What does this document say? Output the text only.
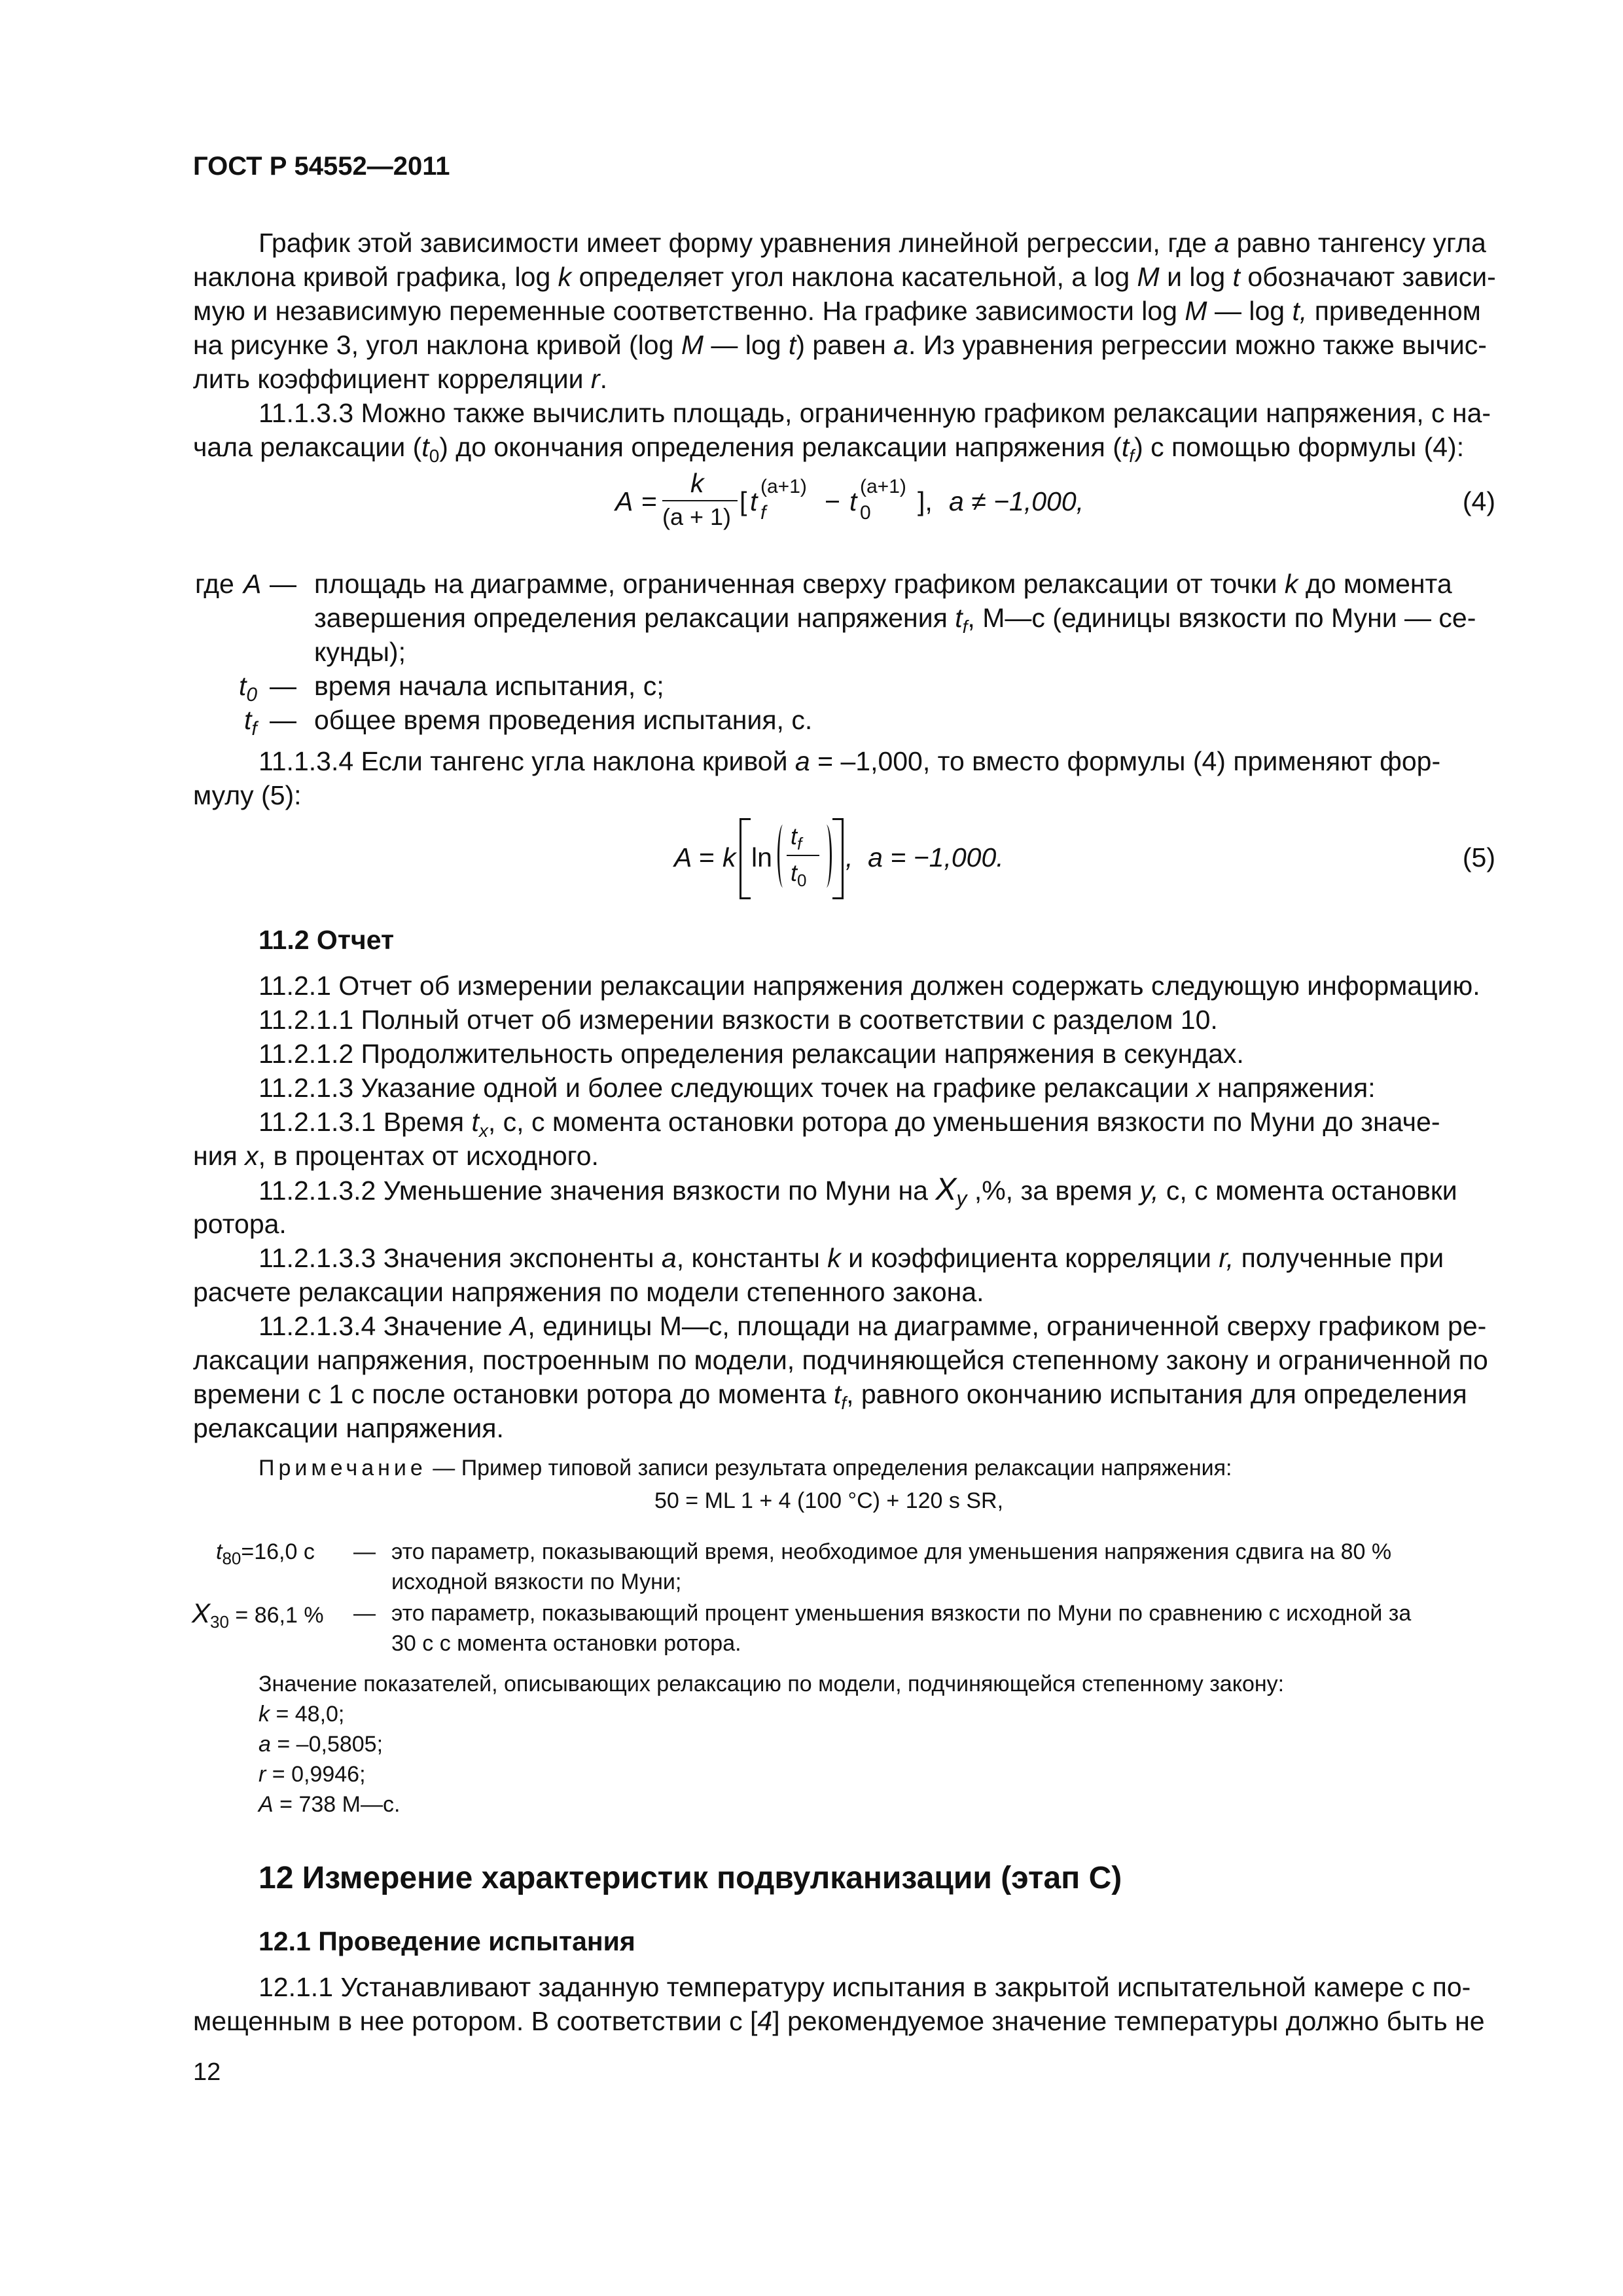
ГОСТ Р 54552—2011
График этой зависимости имеет форму уравнения линейной регрессии, где a равно тангенсу угла
наклона кривой графика, log k определяет угол наклона касательной, а log M и log t обозначают зависи-
мую и независимую переменные соответственно. На графике зависимости log M — log t, приведенном
на рисунке 3, угол наклона кривой (log M — log t) равен a. Из уравнения регрессии можно также вычис-
лить коэффициент корреляции r.
11.1.3.3 Можно также вычислить площадь, ограниченную графиком релаксации напряжения, с на-
чала релаксации $(t_0)$ до окончания определения релаксации напряжения $(t_f)$ с помощью формулы (4):
A =
k
(a + 1)
[ t (a+1)
f − t (a+1)
0 ], a ≠ −1,000,	(4)
где A — площадь на диаграмме, ограниченная сверху графиком релаксации от точки k до момента
завершения определения релаксации напряжения $t_f$, М—с (единицы вязкости по Муни — се-
кунды);
$t_0$ — время начала испытания, с;
$t_f$ — общее время проведения испытания, с.
11.1.3.4 Если тангенс угла наклона кривой a = –1,000, то вместо формулы (4) применяют фор-
мулу (5):
A = k ln
$t_f$
$t_0$
,  a = −1,000.	(5)
11.2 Отчет
11.2.1 Отчет об измерении релаксации напряжения должен содержать следующую информацию.
11.2.1.1 Полный отчет об измерении вязкости в соответствии с разделом 10.
11.2.1.2 Продолжительность определения релаксации напряжения в секундах.
11.2.1.3 Указание одной и более следующих точек на графике релаксации x напряжения:
11.2.1.3.1 Время $t_x$, с, с момента остановки ротора до уменьшения вязкости по Муни до значе-
ния x, в процентах от исходного.
11.2.1.3.2 Уменьшение значения вязкости по Муни на $X_y$ ,%, за время y, с, с момента остановки
ротора.
11.2.1.3.3 Значения экспоненты a, константы k и коэффициента корреляции r, полученные при
расчете релаксации напряжения по модели степенного закона.
11.2.1.3.4 Значение A, единицы М—с, площади на диаграмме, ограниченной сверху графиком ре-
лаксации напряжения, построенным по модели, подчиняющейся степенному закону и ограниченной по
времени с 1 с после остановки ротора до момента $t_f$, равного окончанию испытания для определения
релаксации напряжения.
Примечание — Пример типовой записи результата определения релаксации напряжения:
50 = ML 1 + 4 (100 °C) + 120 s SR,
$t_{80}=16,0$ с — это параметр, показывающий время, необходимое для уменьшения напряжения сдвига на 80 %
исходной вязкости по Муни;
$X_{30} = 86,1$ % — это параметр, показывающий процент уменьшения вязкости по Муни по сравнению с исходной за
30 с с момента остановки ротора.
Значение показателей, описывающих релаксацию по модели, подчиняющейся степенному закону:
k = 48,0;
a = –0,5805;
r = 0,9946;
A = 738 М—с.
12 Измерение характеристик подвулканизации (этап С)
12.1 Проведение испытания
12.1.1 Устанавливают заданную температуру испытания в закрытой испытательной камере с по-
мещенным в нее ротором. В соответствии с [4] рекомендуемое значение температуры должно быть не
12
